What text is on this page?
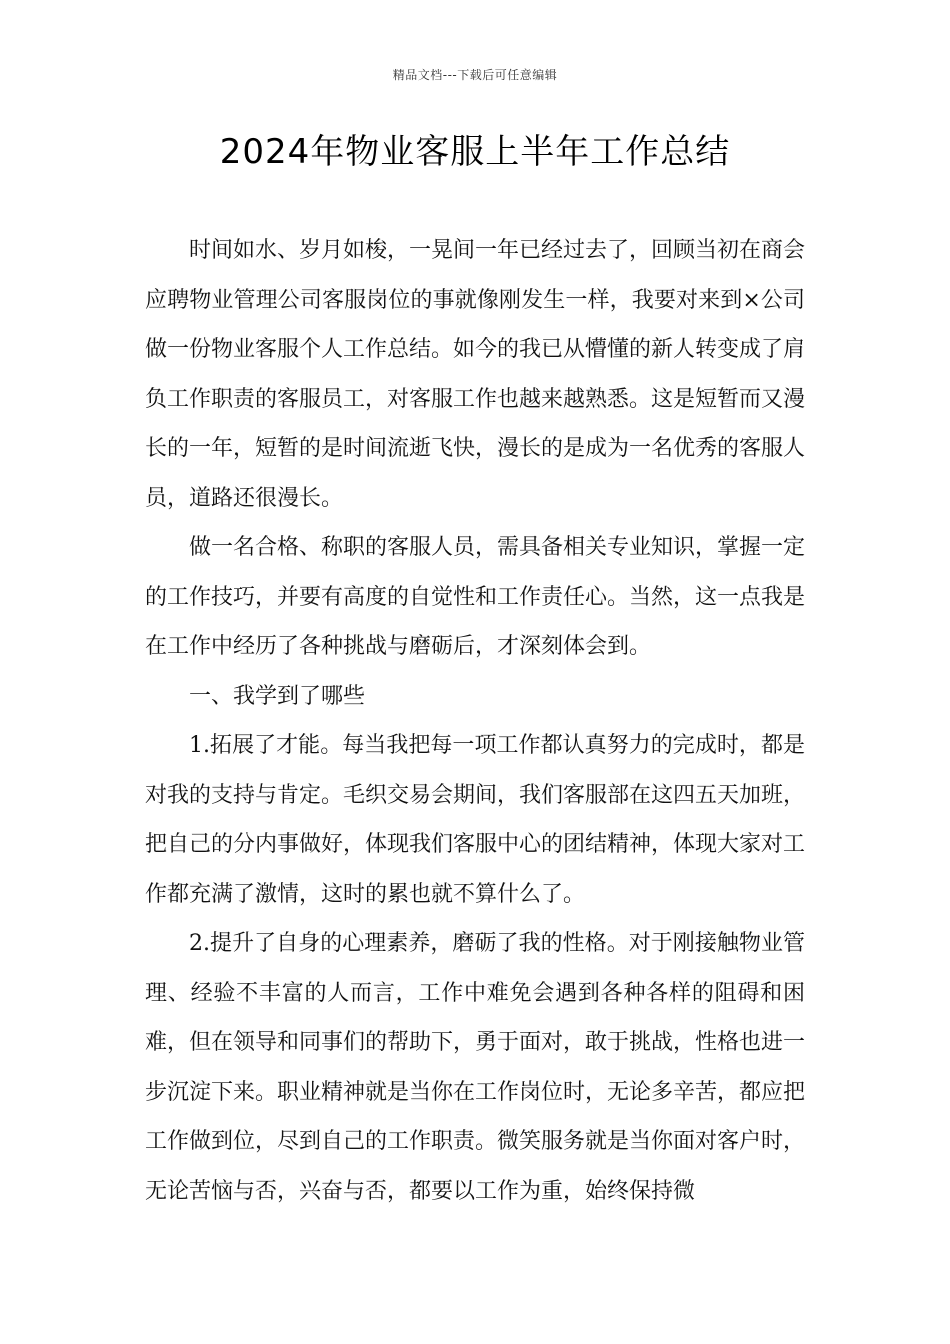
精品文档---下载后可任意编辑
2024年物业客服上半年工作总结

时间如水、岁月如梭，一晃间一年已经过去了，回顾当初在商会应聘物业管理公司客服岗位的事就像刚发生一样，我要对来到×公司做一份物业客服个人工作总结。如今的我已从懵懂的新人转变成了肩负工作职责的客服员工，对客服工作也越来越熟悉。这是短暂而又漫长的一年，短暂的是时间流逝飞快，漫长的是成为一名优秀的客服人员，道路还很漫长。

做一名合格、称职的客服人员，需具备相关专业知识，掌握一定的工作技巧，并要有高度的自觉性和工作责任心。当然，这一点我是在工作中经历了各种挑战与磨砺后，才深刻体会到。

一、我学到了哪些

1.拓展了才能。每当我把每一项工作都认真努力的完成时，都是对我的支持与肯定。毛织交易会期间，我们客服部在这四五天加班，把自己的分内事做好，体现我们客服中心的团结精神，体现大家对工作都充满了激情，这时的累也就不算什么了。

2.提升了自身的心理素养，磨砺了我的性格。对于刚接触物业管理、经验不丰富的人而言，工作中难免会遇到各种各样的阻碍和困难，但在领导和同事们的帮助下，勇于面对，敢于挑战，性格也进一步沉淀下来。职业精神就是当你在工作岗位时，无论多辛苦，都应把工作做到位，尽到自己的工作职责。微笑服务就是当你面对客户时，无论苦恼与否，兴奋与否，都要以工作为重，始终保持微
